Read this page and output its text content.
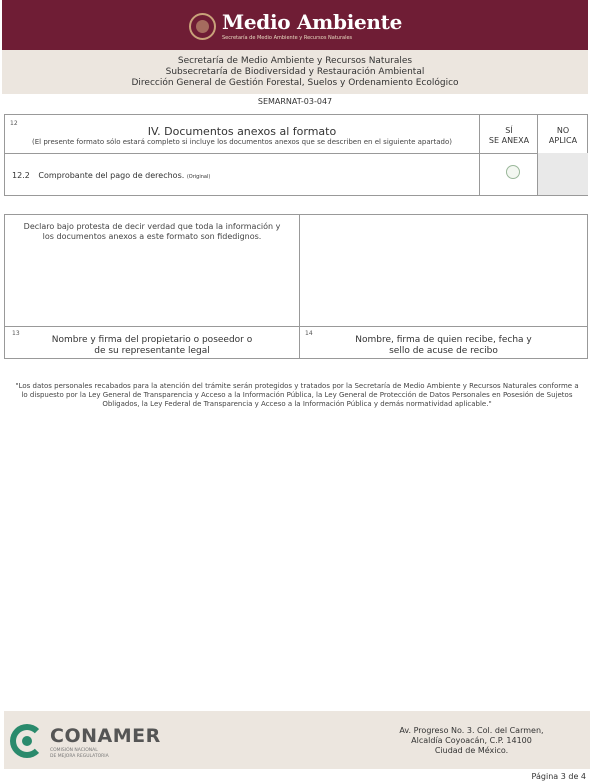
Medio Ambiente
Secretaría de Medio Ambiente y Recursos Naturales
Secretaría de Medio Ambiente y Recursos Naturales
Subsecretaría de Biodiversidad y Restauración Ambiental
Dirección General de Gestión Forestal, Suelos y Ordenamiento Ecológico
SEMARNAT-03-047
12
IV. Documentos anexos al formato
(El presente formato sólo estará completo si incluye los documentos anexos que se describen en el siguiente apartado)
SÍ
SE ANEXA
NO
APLICA
12.2 Comprobante del pago de derechos. (Original)
Declaro bajo protesta de decir verdad que toda la información y los documentos anexos a este formato son fidedignos.
13	14
Nombre y firma del propietario o poseedor o
de su representante legal
Nombre, firma de quien recibe, fecha y
sello de acuse de recibo
"Los datos personales recabados para la atención del trámite serán protegidos y tratados por la Secretaría de Medio Ambiente y Recursos Naturales conforme a lo dispuesto por la Ley General de Transparencia y Acceso a la Información Pública, la Ley General de Protección de Datos Personales en Posesión de Sujetos Obligados, la Ley Federal de Transparencia y Acceso a la Información Pública y demás normatividad aplicable."
CONAMER
COMISIÓN NACIONAL
DE MEJORA REGULATORIA
Av. Progreso No. 3. Col. del Carmen,
Alcaldía Coyoacán, C.P. 14100
Ciudad de México.
Página 3 de 4
